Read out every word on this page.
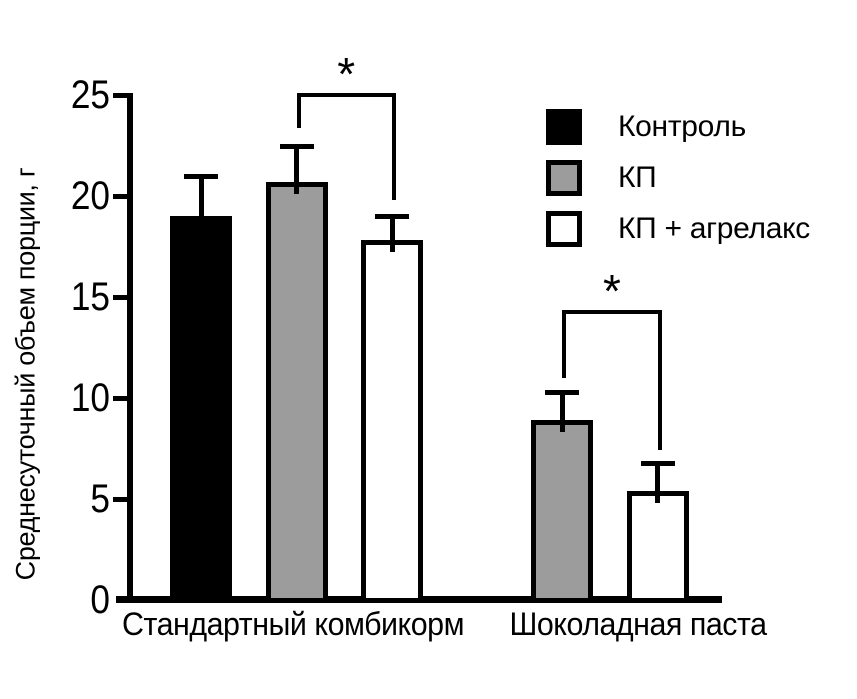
Среднесуточный объем порции, г
0
5
10
15
20
25	*
*
Стандартный комбикорм Шоколадная паста
Контроль
КП
КП + агрелакс
